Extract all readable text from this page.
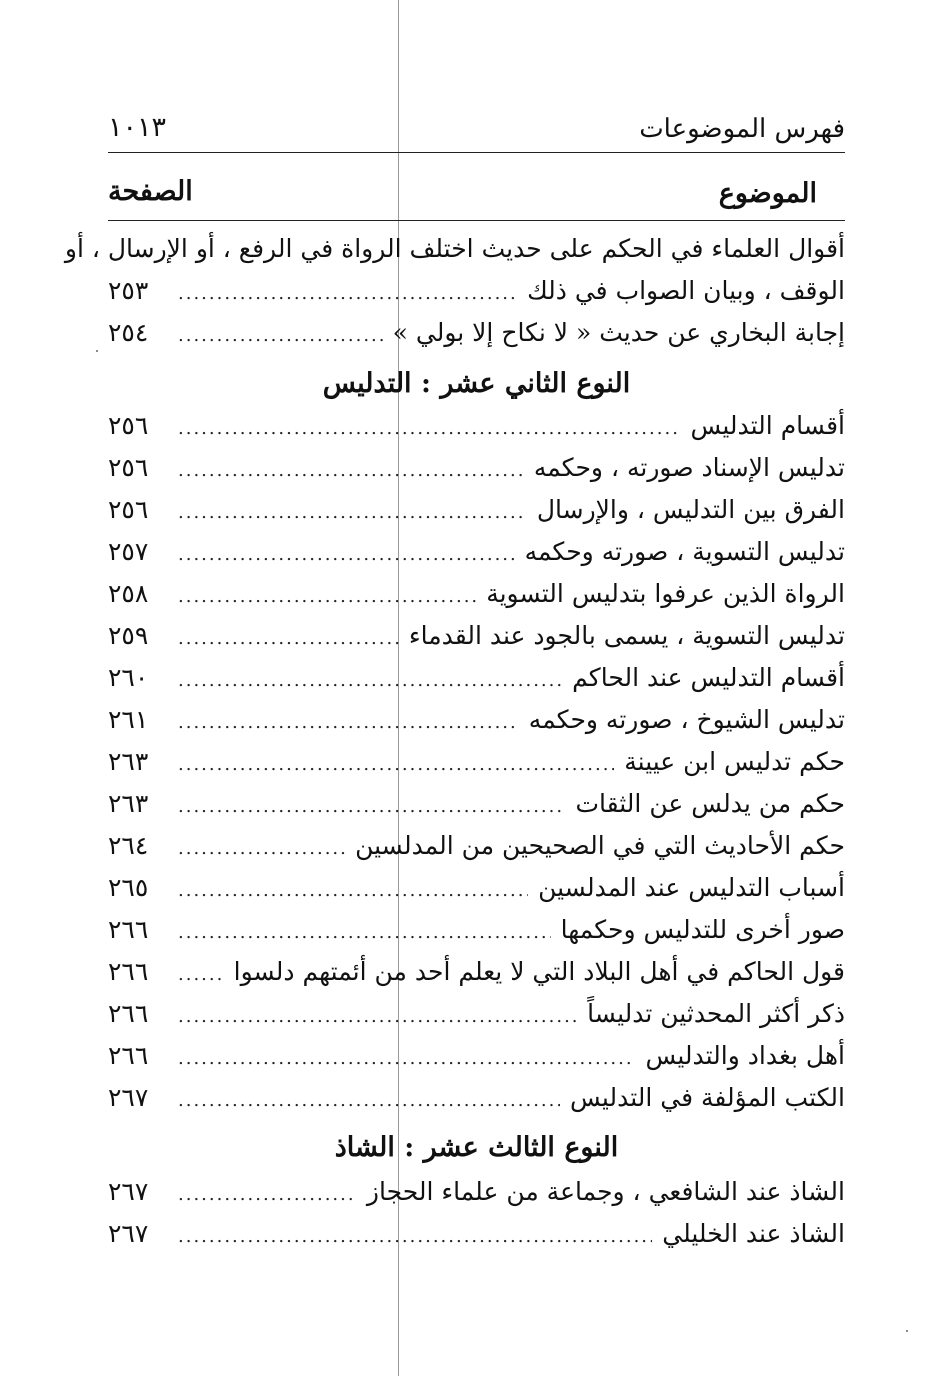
فهرس الموضوعات
١٠١٣
الموضوع
الصفحة
أقوال العلماء في الحكم على حديث اختلف الرواة في الرفع ، أو الإرسال ، أو
الوقف ، وبيان الصواب في ذلك
.....
٢٥٣
إجابة البخاري عن حديث « لا نكاح إلا بولي »
.....
٢٥٤
النوع الثاني عشر : التدليس
أقسام التدليس
.....
٢٥٦
تدليس الإسناد صورته ، وحكمه
.....
٢٥٦
الفرق بين التدليس ، والإرسال
.....
٢٥٦
تدليس التسوية ، صورته وحكمه
.....
٢٥٧
الرواة الذين عرفوا بتدليس التسوية
.....
٢٥٨
تدليس التسوية ، يسمى بالجود عند القدماء
.....
٢٥٩
أقسام التدليس عند الحاكم
.....
٢٦٠
تدليس الشيوخ ، صورته وحكمه
.....
٢٦١
حكم تدليس ابن عيينة
.....
٢٦٣
حكم من يدلس عن الثقات
.....
٢٦٣
حكم الأحاديث التي في الصحيحين من المدلسين
.....
٢٦٤
أسباب التدليس عند المدلسين
.....
٢٦٥
صور أخرى للتدليس وحكمها
.....
٢٦٦
قول الحاكم في أهل البلاد التي لا يعلم أحد من أئمتهم دلسوا
.....
٢٦٦
ذكر أكثر المحدثين تدليساً
.....
٢٦٦
أهل بغداد والتدليس
.....
٢٦٦
الكتب المؤلفة في التدليس
.....
٢٦٧
النوع الثالث عشر : الشاذ
الشاذ عند الشافعي ، وجماعة من علماء الحجاز
.....
٢٦٧
الشاذ عند الخليلي
.....
٢٦٧
